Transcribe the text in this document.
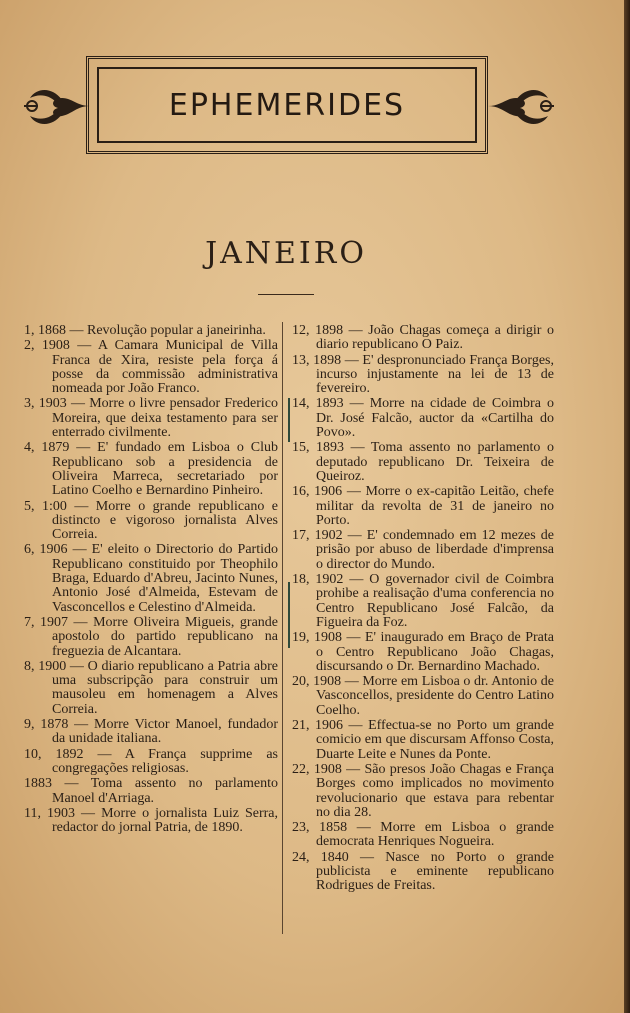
EPHEMERIDES
JANEIRO

1, 1868 — Revolução popular a janeirinha.

2, 1908 — A Camara Municipal de Villa Franca de Xira, resiste pela força á posse da commissão administrativa nomeada por João Franco.

3, 1903 — Morre o livre pensador Frederico Moreira, que deixa testamento para ser enterrado civilmente.

4, 1879 — E' fundado em Lisboa o Club Republicano sob a presidencia de Oliveira Marreca, secretariado por Latino Coelho e Bernardino Pinheiro.

5, 1:00 — Morre o grande republicano e distincto e vigoroso jornalista Alves Correia.

6, 1906 — E' eleito o Directorio do Partido Republicano constituido por Theophilo Braga, Eduardo d'Abreu, Jacinto Nunes, Antonio José d'Almeida, Estevam de Vasconcellos e Celestino d'Almeida.

7, 1907 — Morre Oliveira Migueis, grande apostolo do partido republicano na freguezia de Alcantara.

8, 1900 — O diario republicano a Patria abre uma subscripção para construir um mausoleu em homenagem a Alves Correia.

9, 1878 — Morre Victor Manoel, fundador da unidade italiana.

10, 1892 — A França supprime as congregações religiosas.

1883 — Toma assento no parlamento Manoel d'Arriaga.

11, 1903 — Morre o jornalista Luiz Serra, redactor do jornal Patria, de 1890.

12, 1898 — João Chagas começa a dirigir o diario republicano O Paiz.

13, 1898 — E' despronunciado França Borges, incurso injustamente na lei de 13 de fevereiro.

14, 1893 — Morre na cidade de Coimbra o Dr. José Falcão, auctor da «Cartilha do Povo».

15, 1893 — Toma assento no parlamento o deputado republicano Dr. Teixeira de Queiroz.

16, 1906 — Morre o ex-capitão Leitão, chefe militar da revolta de 31 de janeiro no Porto.

17, 1902 — E' condemnado em 12 mezes de prisão por abuso de liberdade d'imprensa o director do Mundo.

18, 1902 — O governador civil de Coimbra prohibe a realisação d'uma conferencia no Centro Republicano José Falcão, da Figueira da Foz.

19, 1908 — E' inaugurado em Braço de Prata o Centro Republicano João Chagas, discursando o Dr. Bernardino Machado.

20, 1908 — Morre em Lisboa o dr. Antonio de Vasconcellos, presidente do Centro Latino Coelho.

21, 1906 — Effectua-se no Porto um grande comicio em que discursam Affonso Costa, Duarte Leite e Nunes da Ponte.

22, 1908 — São presos João Chagas e França Borges como implicados no movimento revolucionario que estava para rebentar no dia 28.

23, 1858 — Morre em Lisboa o grande democrata Henriques Nogueira.

24, 1840 — Nasce no Porto o grande publicista e eminente republicano Rodrigues de Freitas.
